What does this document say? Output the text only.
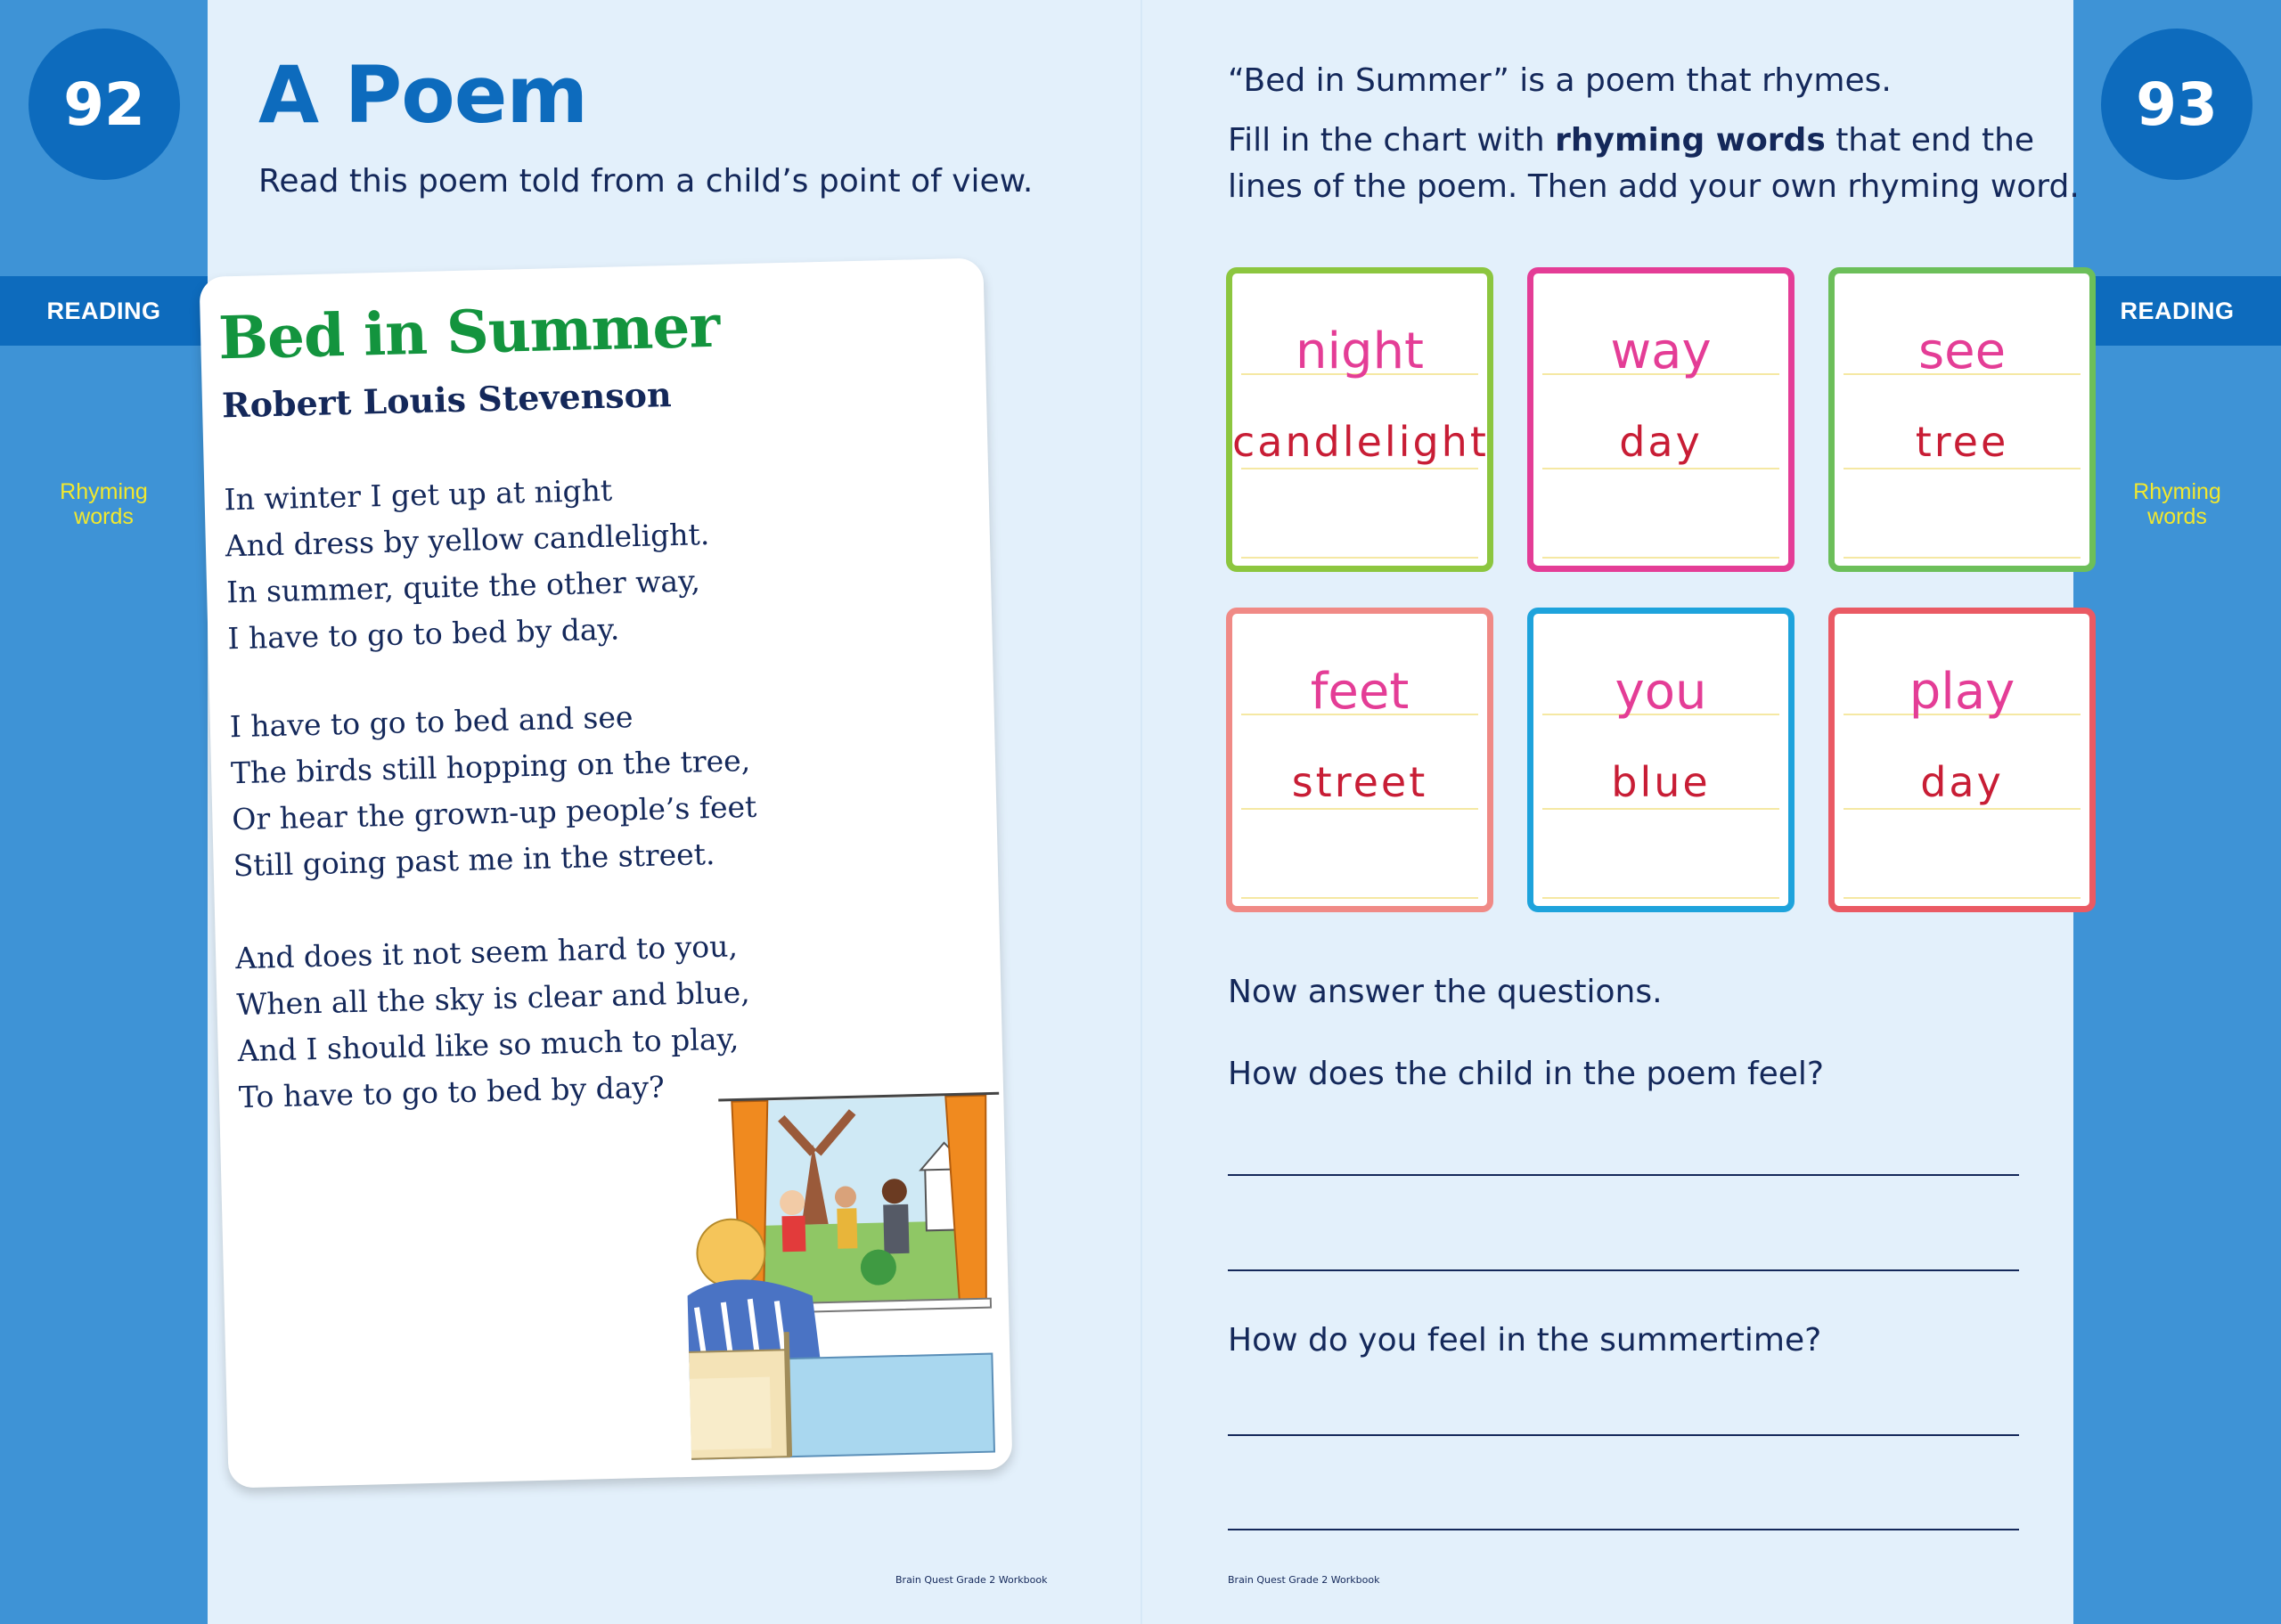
92
READING
Rhyming
words
93
READING
Rhyming
words
A Poem

Read this poem told from a child’s point of view.

Bed in Summer

Robert Louis Stevenson

In winter I get up at night
And dress by yellow candlelight.
In summer, quite the other way,
I have to go to bed by day.
I have to go to bed and see
The birds still hopping on the tree,
Or hear the grown-up people’s feet
Still going past me in the street.
And does it not seem hard to you,
When all the sky is clear and blue,
And I should like so much to play,
To have to go to bed by day?

Brain Quest Grade 2 Workbook

“Bed in Summer” is a poem that rhymes.

Fill in the chart with rhyming words that end the
lines of the poem. Then add your own rhyming word.

night
candlelight
way
day
see
tree
feet
street
you
blue
play
day

Now answer the questions.

How does the child in the poem feel?

How do you feel in the summertime?

Brain Quest Grade 2 Workbook
